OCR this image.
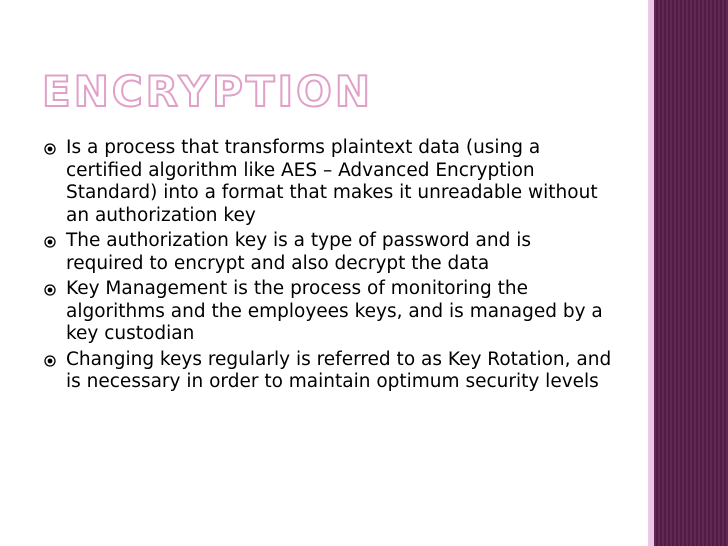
ENCRYPTION
Is a process that transforms plaintext data (using a certified algorithm like AES – Advanced Encryption Standard) into a format that makes it unreadable without an authorization key
The authorization key is a type of password and is required to encrypt and also decrypt the data
Key Management is the process of monitoring the algorithms and the employees keys, and is managed by a key custodian
Changing keys regularly is referred to as Key Rotation, and is necessary in order to maintain optimum security levels
